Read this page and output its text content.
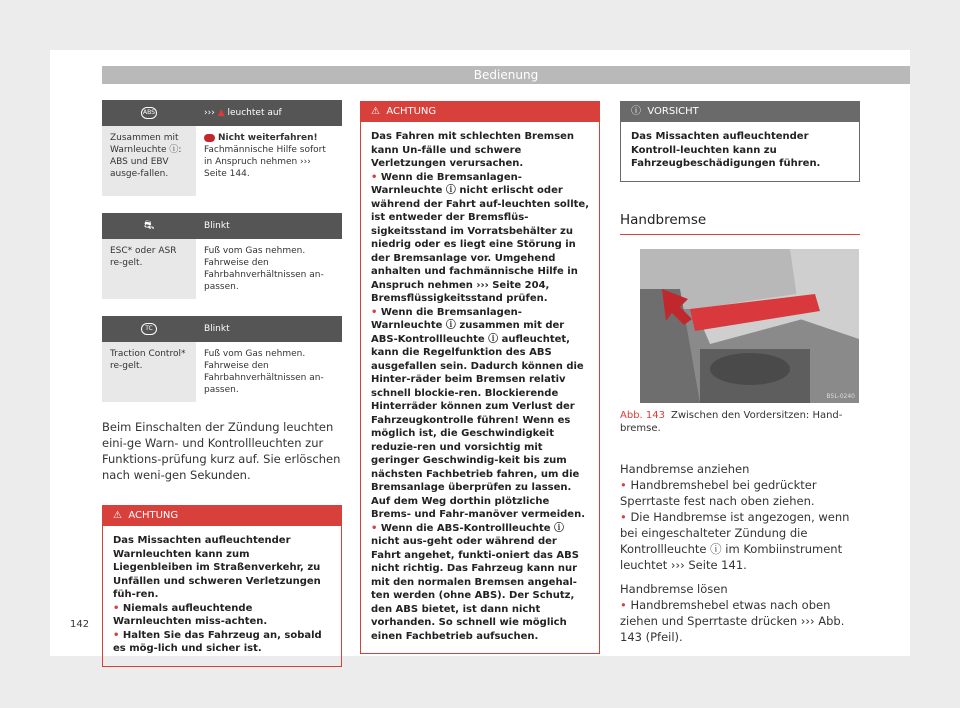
Bedienung
ABS	››› ▲ leuchtet auf
Zusammen mit Warnleuchte ⓘ: ABS und EBV ausge-fallen.	Nicht weiterfahren!
Fachmännische Hilfe sofort in Anspruch nehmen ››› Seite 144.
⛐	Blinkt
ESC* oder ASR re-gelt.	Fuß vom Gas nehmen. Fahrweise den Fahrbahnverhältnissen an-passen.
TC	Blinkt
Traction Control* re-gelt.	Fuß vom Gas nehmen. Fahrweise den Fahrbahnverhältnissen an-passen.

Beim Einschalten der Zündung leuchten eini-ge Warn- und Kontrollleuchten zur Funktions-prüfung kurz auf. Sie erlöschen nach weni-gen Sekunden.

⚠ ACHTUNG

Das Missachten aufleuchtender Warnleuchten kann zum Liegenbleiben im Straßenverkehr, zu Unfällen und schweren Verletzungen füh-ren.

• Niemals aufleuchtende Warnleuchten miss-achten.

• Halten Sie das Fahrzeug an, sobald es mög-lich und sicher ist.

⚠ ACHTUNG

Das Fahren mit schlechten Bremsen kann Un-fälle und schwere Verletzungen verursachen.

• Wenn die Bremsanlagen-Warnleuchte ⓘ nicht erlischt oder während der Fahrt auf-leuchten sollte, ist entweder der Bremsflüs-sigkeitsstand im Vorratsbehälter zu niedrig oder es liegt eine Störung in der Bremsanlage vor. Umgehend anhalten und fachmännische Hilfe in Anspruch nehmen ››› Seite 204, Bremsflüssigkeitsstand prüfen.

• Wenn die Bremsanlagen-Warnleuchte ⓘ zusammen mit der ABS-Kontrollleuchte ⓘ aufleuchtet, kann die Regelfunktion des ABS ausgefallen sein. Dadurch können die Hinter-räder beim Bremsen relativ schnell blockie-ren. Blockierende Hinterräder können zum Verlust der Fahrzeugkontrolle führen! Wenn es möglich ist, die Geschwindigkeit reduzie-ren und vorsichtig mit geringer Geschwindig-keit bis zum nächsten Fachbetrieb fahren, um die Bremsanlage überprüfen zu lassen. Auf dem Weg dorthin plötzliche Brems- und Fahr-manöver vermeiden.

• Wenn die ABS-Kontrollleuchte ⓘ nicht aus-geht oder während der Fahrt angehet, funkti-oniert das ABS nicht richtig. Das Fahrzeug kann nur mit den normalen Bremsen angehal-ten werden (ohne ABS). Der Schutz, den ABS bietet, ist dann nicht vorhanden. So schnell wie möglich einen Fachbetrieb aufsuchen.

ⓘ VORSICHT

Das Missachten aufleuchtender Kontroll-leuchten kann zu Fahrzeugbeschädigungen führen.

Handbremse
B5L-0240

Abb. 143 Zwischen den Vordersitzen: Hand-bremse.

Handbremse anziehen

• Handbremshebel bei gedrückter Sperrtaste fest nach oben ziehen.

• Die Handbremse ist angezogen, wenn bei eingeschalteter Zündung die Kontrollleuchte ⓘ im Kombiinstrument leuchtet ››› Seite 141.

Handbremse lösen

• Handbremshebel etwas nach oben ziehen und Sperrtaste drücken ››› Abb. 143 (Pfeil).

142
